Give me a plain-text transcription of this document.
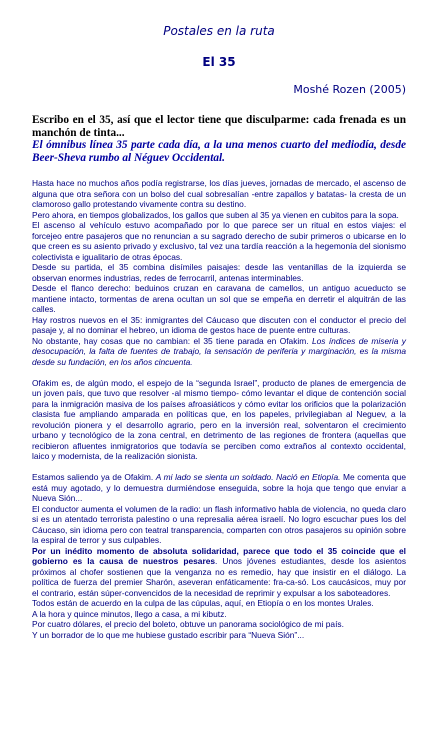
Postales en la ruta
El 35
Moshé Rozen (2005)
Escribo en el 35, así que el lector tiene que disculparme: cada frenada es un manchón de tinta...
El ómnibus línea 35 parte cada día, a la una menos cuarto del mediodía, desde Beer-Sheva rumbo al Néguev Occidental.

Hasta hace no muchos años podía registrarse, los días jueves, jornadas de mercado, el ascenso de alguna que otra señora con un bolso del cual sobresalían -entre zapallos y batatas- la cresta de un clamoroso gallo protestando vivamente contra su destino.

Pero ahora, en tiempos globalizados, los gallos que suben al 35 ya vienen en cubitos para la sopa.

El ascenso al vehículo estuvo acompañado por lo que parece ser un ritual en estos viajes: el forcejeo entre pasajeros que no renuncian a su sagrado derecho de subir primeros o ubicarse en lo que creen es su asiento privado y exclusivo, tal vez una tardía reacción a la hegemonía del sionismo colectivista e igualitario de otras épocas.

Desde su partida, el 35 combina disímiles paisajes: desde las ventanillas de la izquierda se observan enormes industrias, redes de ferrocarril, antenas interminables.

Desde el flanco derecho: beduinos cruzan en caravana de camellos, un antiguo acueducto se mantiene intacto, tormentas de arena ocultan un sol que se empeña en derretir el alquitrán de las calles.

Hay rostros nuevos en el 35: inmigrantes del Cáucaso que discuten con el conductor el precio del pasaje y, al no dominar el hebreo, un idioma de gestos hace de puente entre culturas.

No obstante, hay cosas que no cambian: el 35 tiene parada en Ofakim. Los índices de miseria y desocupación, la falta de fuentes de trabajo, la sensación de periferia y marginación, es la misma desde su fundación, en los años cincuenta.

Ofakim es, de algún modo, el espejo de la “segunda Israel”, producto de planes de emergencia de un joven país, que tuvo que resolver -al mismo tiempo- cómo levantar el dique de contención social para la inmigración masiva de los países afroasiáticos y cómo evitar los orificios que la polarización clasista fue ampliando amparada en políticas que, en los papeles, privilegiaban al Neguev, a la revolución pionera y el desarrollo agrario, pero en la inversión real, solventaron el crecimiento urbano y tecnológico de la zona central, en detrimento de las regiones de frontera (aquellas que recibieron afluentes inmigratorios que todavía se perciben como extraños al contexto occidental, laico y modernista, de la realización sionista.

Estamos saliendo ya de Ofakim. A mi lado se sienta un soldado. Nació en Etiopía. Me comenta que está muy agotado, y lo demuestra durmiéndose enseguida, sobre la hoja que tengo que enviar a Nueva Sión...

El conductor aumenta el volumen de la radio: un flash informativo habla de violencia, no queda claro si es un atentado terrorista palestino o una represalia aérea israelí. No logro escuchar pues los del Cáucaso, sin idioma pero con teatral transparencia, comparten con otros pasajeros su opinión sobre la espiral de terror y sus culpables.

Por un inédito momento de absoluta solidaridad, parece que todo el 35 coincide que el gobierno es la causa de nuestros pesares. Unos jóvenes estudiantes, desde los asientos próximos al chofer sostienen que la venganza no es remedio, hay que insistir en el diálogo. La política de fuerza del premier Sharón, aseveran enfáticamente: fra-ca-só. Los caucásicos, muy por el contrario, están súper-convencidos de la necesidad de reprimir y expulsar a los saboteadores.

Todos están de acuerdo en la culpa de las cúpulas, aquí, en Etiopía o en los montes Urales.

A la hora y quince minutos, llego a casa, a mi kibutz.

Por cuatro dólares, el precio del boleto, obtuve un panorama sociológico de mi país.

Y un borrador de lo que me hubiese gustado escribir para “Nueva Sión”...
